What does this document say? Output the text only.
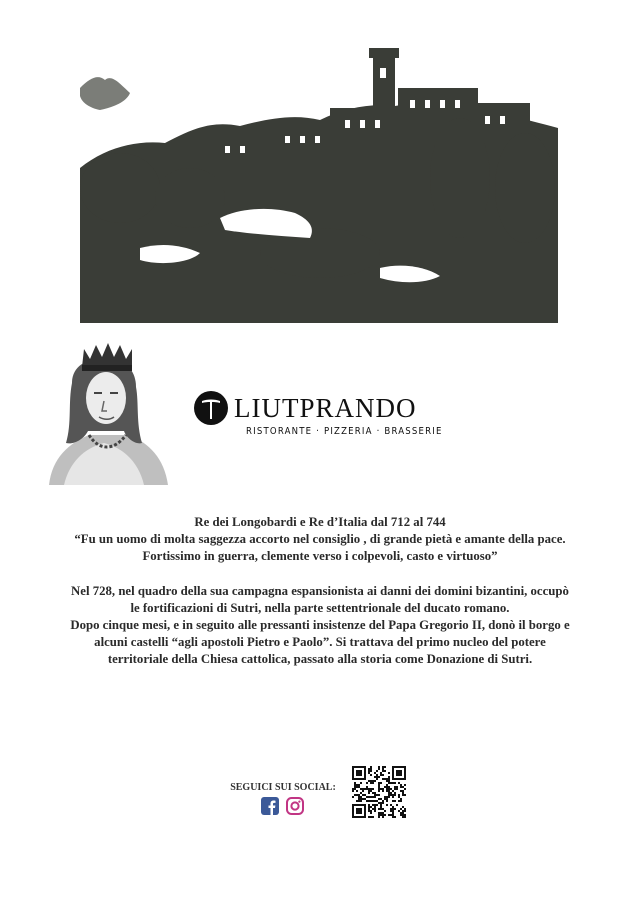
LIUTPRANDO
RISTORANTE · PIZZERIA · BRASSERIE

Re dei Longobardi e Re d’Italia dal 712 al 744

“Fu un uomo di molta saggezza accorto nel consiglio , di grande pietà e amante della pace.

Fortissimo in guerra, clemente verso i colpevoli, casto e virtuoso”

Nel 728, nel quadro della sua campagna espansionista ai danni dei domini bizantini, occupò

le fortificazioni di Sutri, nella parte settentrionale del ducato romano.

Dopo cinque mesi, e in seguito alle pressanti insistenze del Papa Gregorio II, donò il borgo e

alcuni castelli “agli apostoli Pietro e Paolo”. Si trattava del primo nucleo del potere

territoriale della Chiesa cattolica, passato alla storia come Donazione di Sutri.

SEGUICI SUI SOCIAL:
